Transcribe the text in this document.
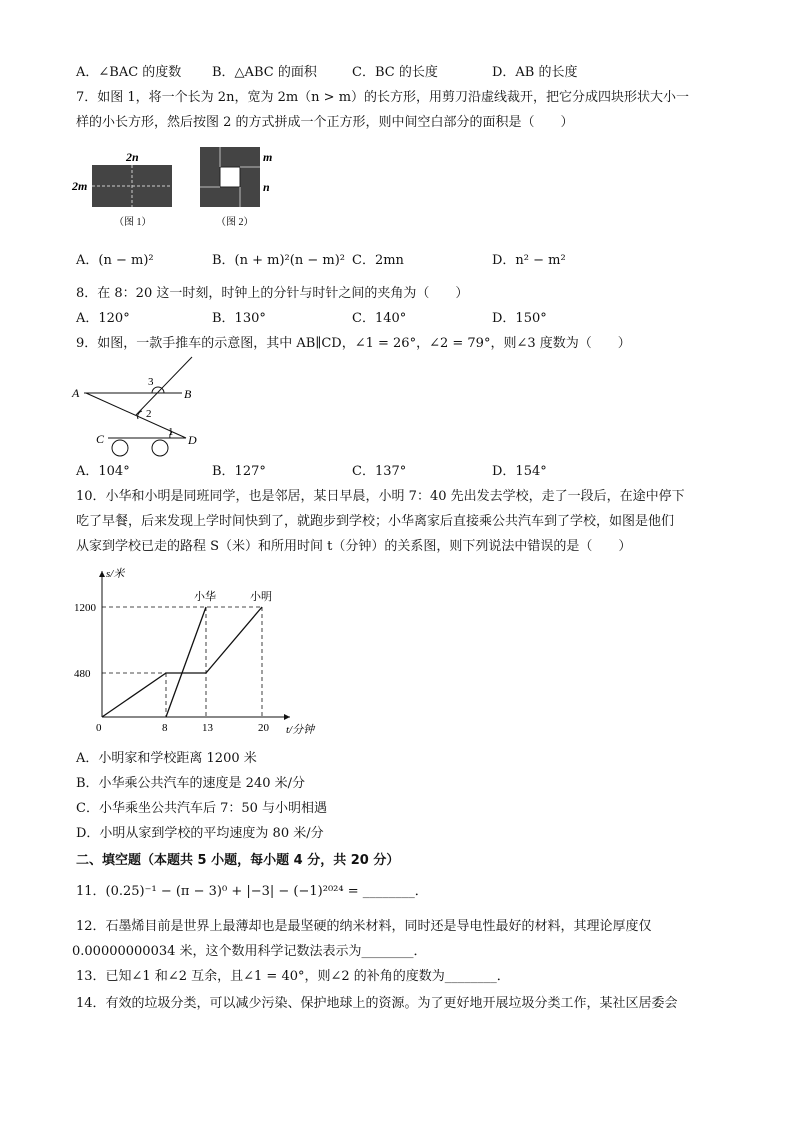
A．∠BAC 的度数 B．△ABC 的面积	C．BC 的长度	D．AB 的长度
7．如图 1，将一个长为 2n，宽为 2m（n > m）的长方形，用剪刀沿虚线裁开，把它分成四块形状大小一
样的小长方形，然后按图 2 的方式拼成一个正方形，则中间空白部分的面积是（　　）
2n
2m
（图 1）
m
n
（图 2）
A．(n − m)²	B．(n + m)²(n − m)² C．2mn	D．n² − m²
8．在 8：20 这一时刻，时钟上的分针与时针之间的夹角为（　　）
A．120°	B．130°	C．140°	D．150°
9．如图，一款手推车的示意图，其中 AB∥CD，∠1 = 26°，∠2 = 79°，则∠3 度数为（　　）
A	B
C	D
1
2
3
A．104°	B．127°	C．137°	D．154°
10．小华和小明是同班同学，也是邻居，某日早晨，小明 7：40 先出发去学校，走了一段后，在途中停下
吃了早餐，后来发现上学时间快到了，就跑步到学校；小华离家后直接乘公共汽车到了学校，如图是他们
从家到学校已走的路程 S（米）和所用时间 t（分钟）的关系图，则下列说法中错误的是（　　）
s/米
t/分钟
0	8	13	20
480
1200
小华	小明
A．小明家和学校距离 1200 米
B．小华乘公共汽车的速度是 240 米/分
C．小华乘坐公共汽车后 7：50 与小明相遇
D．小明从家到学校的平均速度为 80 米/分
二、填空题（本题共 5 小题，每小题 4 分，共 20 分）
11．(0.25)⁻¹ − (π − 3)⁰ + |−3| − (−1)²⁰²⁴ = ________．
12．石墨烯目前是世界上最薄却也是最坚硬的纳米材料，同时还是导电性最好的材料，其理论厚度仅
0.00000000034 米，这个数用科学记数法表示为________．
13．已知∠1 和∠2 互余，且∠1 = 40°，则∠2 的补角的度数为________．
14．有效的垃圾分类，可以减少污染、保护地球上的资源。为了更好地开展垃圾分类工作，某社区居委会
